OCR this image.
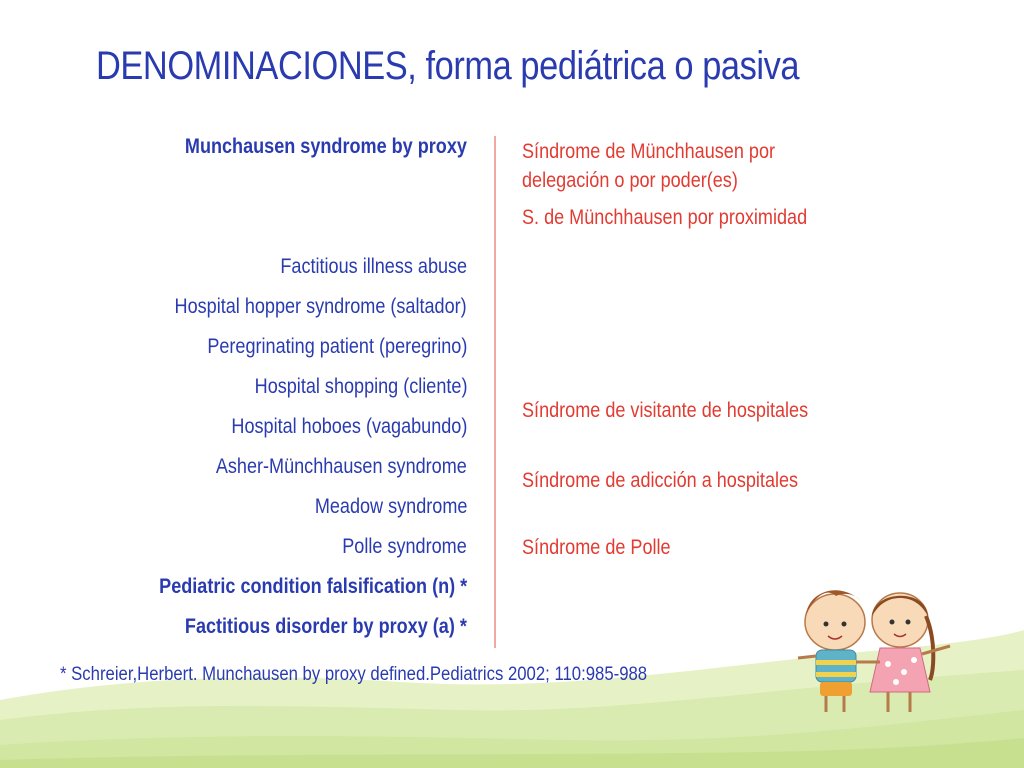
DENOMINACIONES, forma pediátrica o pasiva
Munchausen syndrome by proxy
Factitious illness abuse
Hospital hopper syndrome (saltador)
Peregrinating patient (peregrino)
Hospital shopping (cliente)
Hospital hoboes (vagabundo)
Asher-Münchhausen syndrome
Meadow syndrome
Polle syndrome
Pediatric condition falsification (n) *
Factitious disorder by proxy (a) *
Síndrome de Münchhausen por
delegación o por poder(es)
S. de Münchhausen por proximidad
Síndrome de visitante de hospitales
Síndrome de adicción a hospitales
Síndrome de Polle
* Schreier,Herbert. Munchausen by proxy defined.Pediatrics 2002; 110:985-988
